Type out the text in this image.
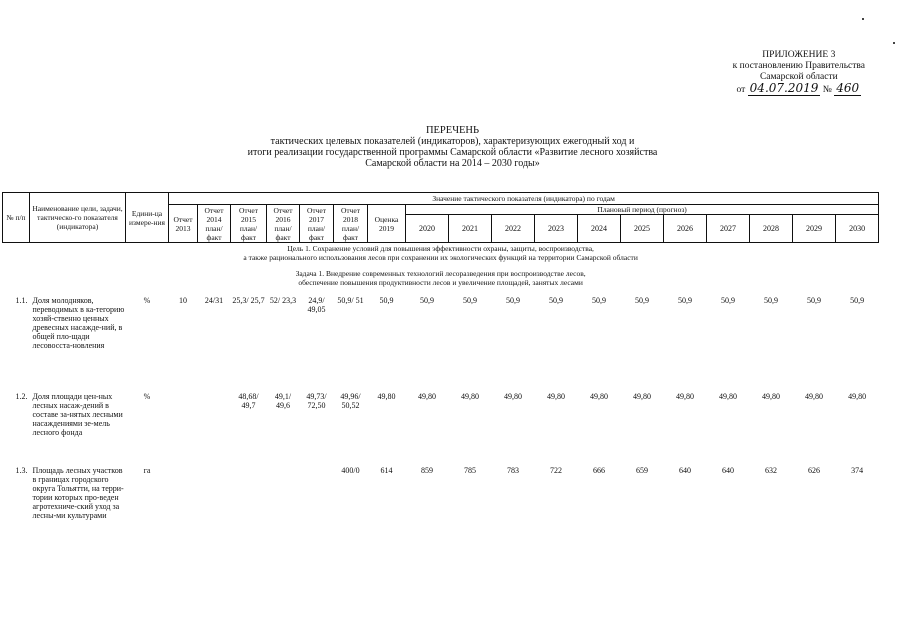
ПРИЛОЖЕНИЕ 3
к постановлению Правительства
Самарской области
от 04.07.2019 № 460
ПЕРЕЧЕНЬ
тактических целевых показателей (индикаторов), характеризующих ежегодный ход и
итоги реализации государственной программы Самарской области «Развитие лесного хозяйства
Самарской области на 2014 – 2030 годы»
№ п/п	Наименование цели, задачи, тактическо-го показателя (индикатора)	Едини-ца измере-ния	Значение тактического показателя (индикатора) по годам																	
			Отчет 2013	Отчет 2014 план/ факт	Отчет 2015 план/ факт	Отчет 2016 план/ факт	Отчет 2017 план/ факт	Отчет 2018 план/ факт	Оценка 2019	Плановый период (прогноз)										
										2020	2021	2022	2023	2024	2025	2026	2027	2028	2029	2030

Цель 1. Сохранение условий для повышения эффективности охраны, защиты, воспроизводства,
а также рационального использования лесов при сохранении их экологических функций на территории Самарской области																				

Задача 1. Внедрение современных технологий лесоразведения при воспроизводстве лесов,
обеспечение повышения продуктивности лесов и увеличение площадей, занятых лесами																				

1.1.	Доля молодняков, переводимых в ка-тегорию хозяй-ственно ценных древесных насажде-ний, в общей пло-щади лесовосста-новления	%	10	24/31	25,3/ 25,7	52/ 23,3	24,9/ 49,05	50,9/ 51	50,9	50,9	50,9	50,9	50,9	50,9	50,9	50,9	50,9	50,9	50,9	50,9
1.2.	Доля площади цен-ных лесных насаж-дений в составе за-нятых лесными насаждениями зе-мель лесного фонда	%			48,68/ 49,7	49,1/ 49,6	49,73/ 72,50	49,96/ 50,52	49,80	49,80	49,80	49,80	49,80	49,80	49,80	49,80	49,80	49,80	49,80	49,80
1.3.	Площадь лесных участков в границах городского округа Тольятти, на терри-тории которых про-веден агротехниче-ский уход за лесны-ми культурами	га						400/0	614	859	785	783	722	666	659	640	640	632	626	374
